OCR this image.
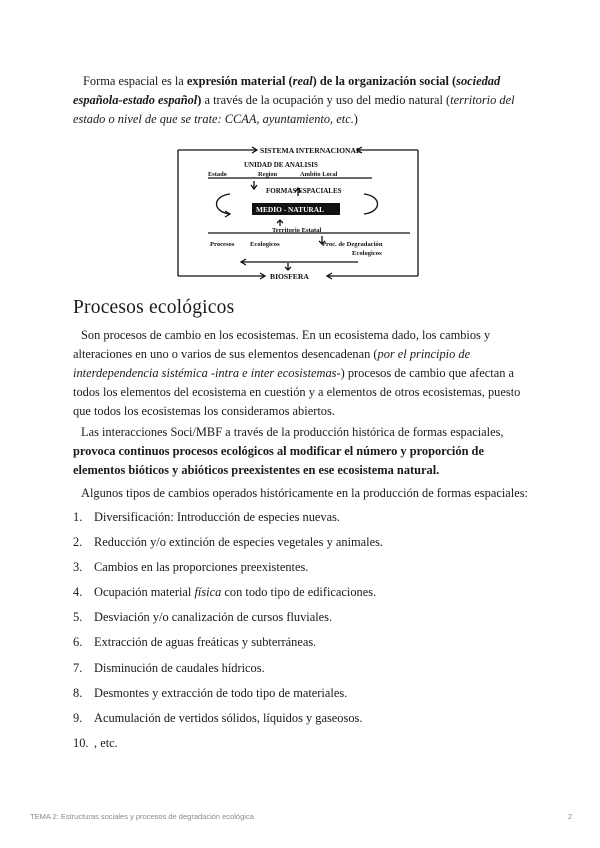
Forma espacial es la expresión material (real) de la organización social (sociedad española-estado español) a través de la ocupación y uso del medio natural (territorio del estado o nivel de que se trate: CCAA, ayuntamiento, etc.)

SISTEMA INTERNACIONAL
UNIDAD DE ANALISIS
Estado	Region	Ambito Local
FORMAS ESPACIALES
MEDIO - NATURAL
Territorio Estatal
Procesos Ecologicos	Proc. de Degradación
Ecologicos
BIOSFERA
Procesos ecológicos

Son procesos de cambio en los ecosistemas. En un ecosistema dado, los cambios y alteraciones en uno o varios de sus elementos desencadenan (por el principio de interdependencia sistémica -intra e inter ecosistemas-) procesos de cambio que afectan a todos los elementos del ecosistema en cuestión y a elementos de otros ecosistemas, puesto que todos los ecosistemas los consideramos abiertos.

Las interacciones Soci/MBF a través de la producción histórica de formas espaciales, provoca continuos procesos ecológicos al modificar el número y proporción de elementos bióticos y abióticos preexistentes en ese ecosistema natural.

Algunos tipos de cambios operados históricamente en la producción de formas espaciales:

1. Diversificación: Introducción de especies nuevas.
2. Reducción y/o extinción de especies vegetales y animales.
3. Cambios en las proporciones preexistentes.
4. Ocupación material física con todo tipo de edificaciones.
5. Desviación y/o canalización de cursos fluviales.
6. Extracción de aguas freáticas y subterráneas.
7. Disminución de caudales hídricos.
8. Desmontes y extracción de todo tipo de materiales.
9. Acumulación de vertidos sólidos, líquidos y gaseosos.
10. , etc.
TEMA 2: Estructuras sociales y procesos de degradación ecológica	2
